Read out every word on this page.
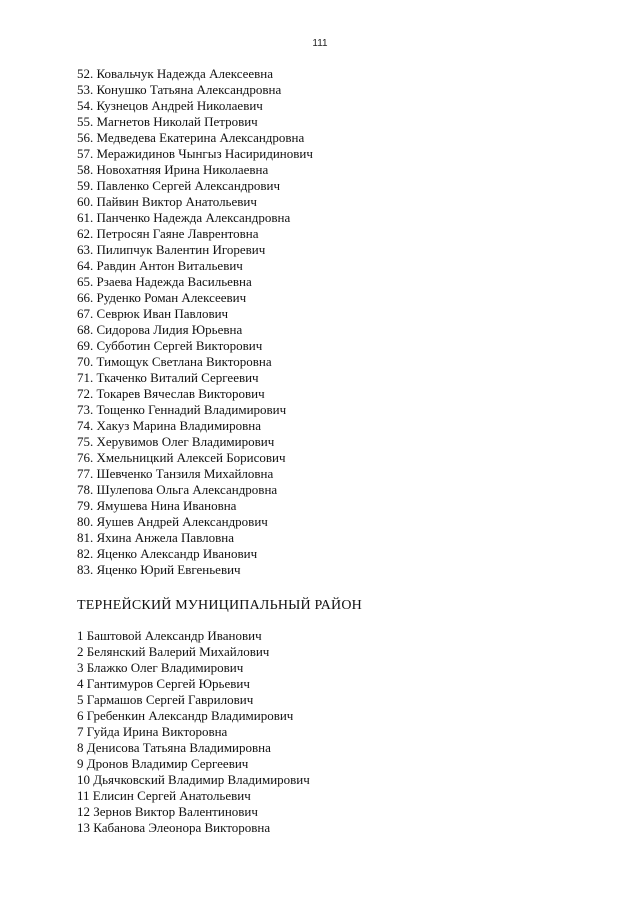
111
52. Ковальчук Надежда Алексеевна
53. Конушко Татьяна Александровна
54. Кузнецов Андрей Николаевич
55. Магнетов Николай Петрович
56. Медведева Екатерина Александровна
57. Меражидинов Чынгыз Насиридинович
58. Новохатняя Ирина Николаевна
59. Павленко Сергей Александрович
60. Пайвин Виктор Анатольевич
61. Панченко Надежда Александровна
62. Петросян Гаяне Лаврентовна
63. Пилипчук Валентин Игоревич
64. Равдин Антон Витальевич
65. Рзаева Надежда Васильевна
66. Руденко Роман Алексеевич
67. Севрюк Иван Павлович
68. Сидорова Лидия Юрьевна
69. Субботин Сергей Викторович
70. Тимощук Светлана Викторовна
71. Ткаченко Виталий Сергеевич
72. Токарев Вячеслав Викторович
73. Тощенко Геннадий Владимирович
74. Хакуз Марина Владимировна
75. Херувимов Олег Владимирович
76. Хмельницкий Алексей Борисович
77. Шевченко Танзиля Михайловна
78. Шулепова Ольга Александровна
79. Ямушева Нина Ивановна
80. Яушев Андрей Александрович
81. Яхина Анжела Павловна
82. Яценко Александр Иванович
83. Яценко Юрий Евгеньевич
ТЕРНЕЙСКИЙ МУНИЦИПАЛЬНЫЙ РАЙОН
1 Баштовой Александр Иванович
2 Белянский Валерий Михайлович
3 Блажко Олег Владимирович
4 Гантимуров Сергей Юрьевич
5 Гармашов Сергей Гаврилович
6 Гребенкин Александр Владимирович
7 Гуйда Ирина Викторовна
8 Денисова Татьяна Владимировна
9 Дронов Владимир Сергеевич
10 Дьячковский Владимир Владимирович
11 Елисин Сергей Анатольевич
12 Зернов Виктор Валентинович
13 Кабанова Элеонора Викторовна
